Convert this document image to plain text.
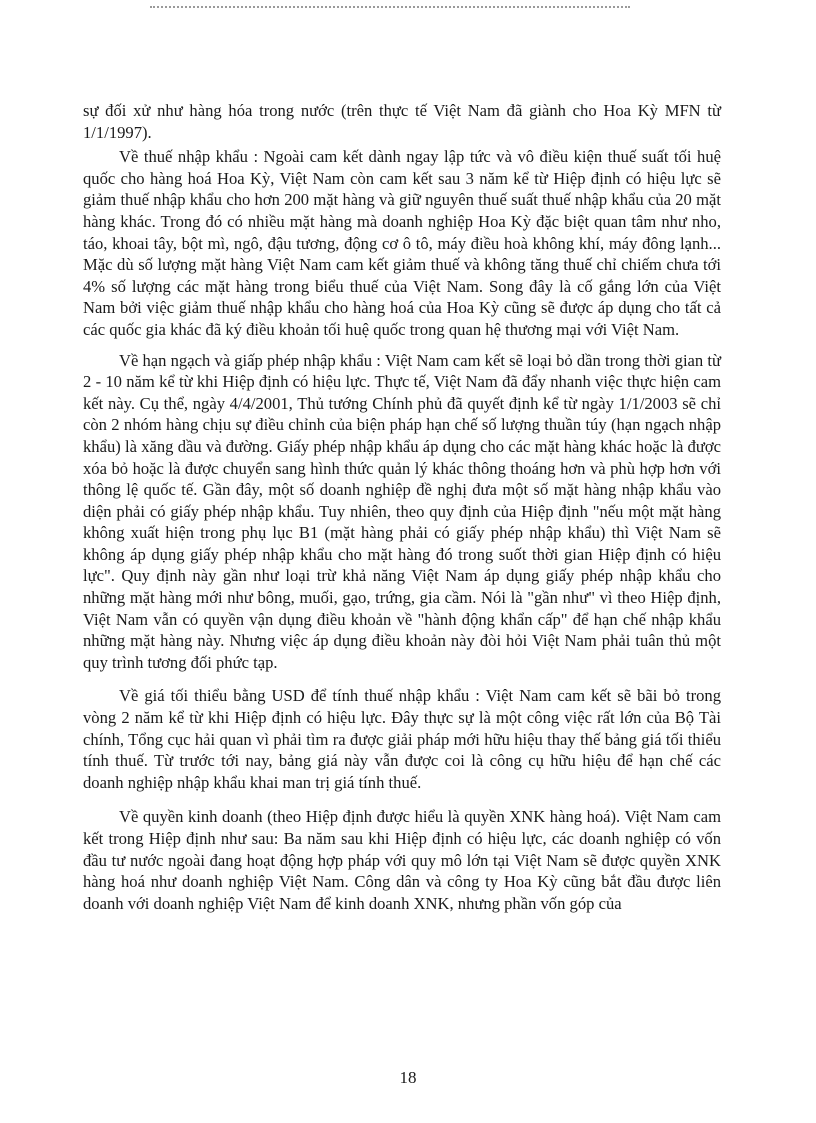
sự đối xử như hàng hóa trong nước (trên thực tế Việt Nam đã giành cho Hoa Kỳ MFN từ 1/1/1997).

Về thuế nhập khẩu : Ngoài cam kết dành ngay lập tức và vô điều kiện thuế suất tối huệ quốc cho hàng hoá Hoa Kỳ, Việt Nam còn cam kết sau 3 năm kể từ Hiệp định có hiệu lực sẽ giảm thuế nhập khẩu cho hơn 200 mặt hàng và giữ nguyên thuế suất thuế nhập khẩu của 20 mặt hàng khác. Trong đó có nhiều mặt hàng mà doanh nghiệp Hoa Kỳ đặc biệt quan tâm như nho, táo, khoai tây, bột mì, ngô, đậu tương, động cơ ô tô, máy điều hoà không khí, máy đông lạnh... Mặc dù số lượng mặt hàng Việt Nam cam kết giảm thuế và không tăng thuế chỉ chiếm chưa tới 4% số lượng các mặt hàng trong biểu thuế của Việt Nam. Song đây là cố gắng lớn của Việt Nam bởi việc giảm thuế nhập khẩu cho hàng hoá của Hoa Kỳ cũng sẽ được áp dụng cho tất cả các quốc gia khác đã ký điều khoản tối huệ quốc trong quan hệ thương mại với Việt Nam.

Về hạn ngạch và giấp phép nhập khẩu : Việt Nam cam kết sẽ loại bỏ dần trong thời gian từ 2 - 10 năm kể từ khi Hiệp định có hiệu lực. Thực tế, Việt Nam đã đẩy nhanh việc thực hiện cam kết này. Cụ thể, ngày 4/4/2001, Thủ tướng Chính phủ đã quyết định kể từ ngày 1/1/2003 sẽ chỉ còn 2 nhóm hàng chịu sự điều chỉnh của biện pháp hạn chế số lượng thuần túy (hạn ngạch nhập khẩu) là xăng dầu và đường. Giấy phép nhập khẩu áp dụng cho các mặt hàng khác hoặc là được xóa bỏ hoặc là được chuyển sang hình thức quản lý khác thông thoáng hơn và phù hợp hơn với thông lệ quốc tế. Gần đây, một số doanh nghiệp đề nghị đưa một số mặt hàng nhập khẩu vào diện phải có giấy phép nhập khẩu. Tuy nhiên, theo quy định của Hiệp định "nếu một mặt hàng không xuất hiện trong phụ lục B1 (mặt hàng phải có giấy phép nhập khẩu) thì Việt Nam sẽ không áp dụng giấy phép nhập khẩu cho mặt hàng đó trong suốt thời gian Hiệp định có hiệu lực". Quy định này gần như loại trừ khả năng Việt Nam áp dụng giấy phép nhập khẩu cho những mặt hàng mới như bông, muối, gạo, trứng, gia cầm. Nói là "gần như" vì theo Hiệp định, Việt Nam vẫn có quyền vận dụng điều khoản về "hành động khẩn cấp" để hạn chế nhập khẩu những mặt hàng này. Nhưng việc áp dụng điều khoản này đòi hỏi Việt Nam phải tuân thủ một quy trình tương đối phức tạp.

Về giá tối thiểu bằng USD để tính thuế nhập khẩu : Việt Nam cam kết sẽ bãi bỏ trong vòng 2 năm kể từ khi Hiệp định có hiệu lực. Đây thực sự là một công việc rất lớn của Bộ Tài chính, Tổng cục hải quan vì phải tìm ra được giải pháp mới hữu hiệu thay thế bảng giá tối thiểu tính thuế. Từ trước tới nay, bảng giá này vẫn được coi là công cụ hữu hiệu để hạn chế các doanh nghiệp nhập khẩu khai man trị giá tính thuế.

Về quyền kinh doanh (theo Hiệp định được hiểu là quyền XNK hàng hoá). Việt Nam cam kết trong Hiệp định như sau: Ba năm sau khi Hiệp định có hiệu lực, các doanh nghiệp có vốn đầu tư nước ngoài đang hoạt động hợp pháp với quy mô lớn tại Việt Nam sẽ được quyền XNK hàng hoá như doanh nghiệp Việt Nam. Công dân và công ty Hoa Kỳ cũng bắt đầu được liên doanh với doanh nghiệp Việt Nam để kinh doanh XNK, nhưng phần vốn góp của

18
